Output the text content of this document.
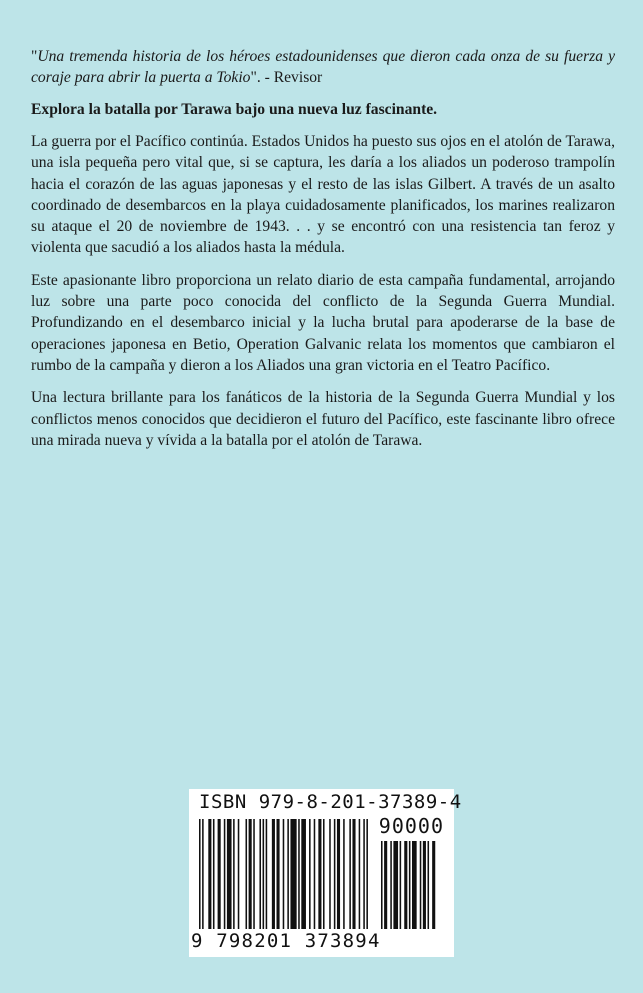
"Una tremenda historia de los héroes estadounidenses que dieron cada onza de su fuerza y coraje para abrir la puerta a Tokio". - Revisor

Explora la batalla por Tarawa bajo una nueva luz fascinante.

La guerra por el Pacífico continúa. Estados Unidos ha puesto sus ojos en el atolón de Tarawa, una isla pequeña pero vital que, si se captura, les daría a los aliados un poderoso trampolín hacia el corazón de las aguas japonesas y el resto de las islas Gilbert. A través de un asalto coordinado de desembarcos en la playa cuidadosamente planificados, los marines realizaron su ataque el 20 de noviembre de 1943. . . y se encontró con una resistencia tan feroz y violenta que sacudió a los aliados hasta la médula.

Este apasionante libro proporciona un relato diario de esta campaña fundamental, arrojando luz sobre una parte poco conocida del conflicto de la Segunda Guerra Mundial. Profundizando en el desembarco inicial y la lucha brutal para apoderarse de la base de operaciones japonesa en Betio, Operation Galvanic relata los momentos que cambiaron el rumbo de la campaña y dieron a los Aliados una gran victoria en el Teatro Pacífico.

Una lectura brillante para los fanáticos de la historia de la Segunda Guerra Mundial y los conflictos menos conocidos que decidieron el futuro del Pacífico, este fascinante libro ofrece una mirada nueva y vívida a la batalla por el atolón de Tarawa.

ISBN 979-8-201-37389-4
90000
9 798201 373894
